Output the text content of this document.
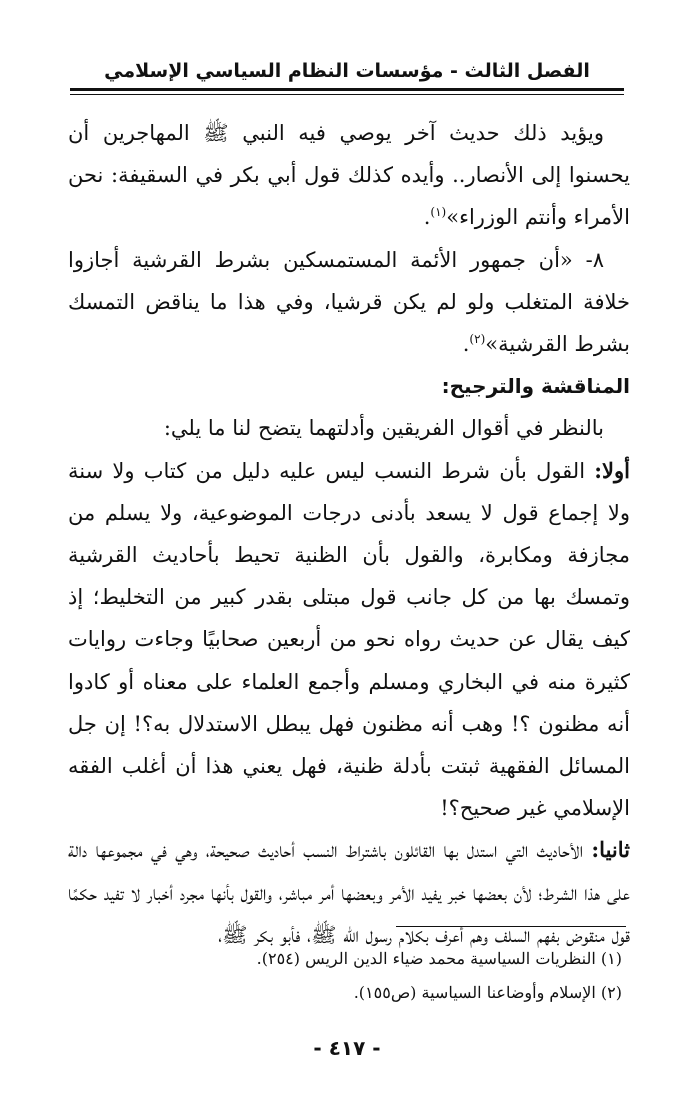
الفصل الثالث - مؤسسات النظام السياسي الإسلامي

ويؤيد ذلك حديث آخر يوصي فيه النبي ﷺ المهاجرين أن يحسنوا إلى الأنصار.. وأيده كذلك قول أبي بكر في السقيفة: نحن الأمراء وأنتم الوزراء»$^{(١)}$.

٨- «أن جمهور الأئمة المستمسكين بشرط القرشية أجازوا خلافة المتغلب ولو لم يكن قرشيا، وفي هذا ما يناقض التمسك بشرط القرشية»$^{(٢)}$.

المناقشة والترجيح:

بالنظر في أقوال الفريقين وأدلتهما يتضح لنا ما يلي:

أولا: القول بأن شرط النسب ليس عليه دليل من كتاب ولا سنة ولا إجماع قول لا يسعد بأدنى درجات الموضوعية، ولا يسلم من مجازفة ومكابرة، والقول بأن الظنية تحيط بأحاديث القرشية وتمسك بها من كل جانب قول مبتلى بقدر كبير من التخليط؛ إذ كيف يقال عن حديث رواه نحو من أربعين صحابيًا وجاءت روايات كثيرة منه في البخاري ومسلم وأجمع العلماء على معناه أو كادوا أنه مظنون ؟! وهب أنه مظنون فهل يبطل الاستدلال به؟! إن جل المسائل الفقهية ثبتت بأدلة ظنية، فهل يعني هذا أن أغلب الفقه الإسلامي غير صحيح؟!

ثانيا: الأحاديث التي استدل بها القائلون باشتراط النسب أحاديث صحيحة، وهي في مجموعها دالة على هذا الشرط؛ لأن بعضها خبر يفيد الأمر وبعضها أمر مباشر، والقول بأنها مجرد أخبار لا تفيد حكمًا قول منقوض بفهم السلف وهم أعرف بكلام رسول الله ﷺ، فأبو بكر ﷺ،

(١) النظريات السياسية محمد ضياء الدين الريس (٢٥٤).

(٢) الإسلام وأوضاعنا السياسية (ص١٥٥).

- ٤١٧ -
